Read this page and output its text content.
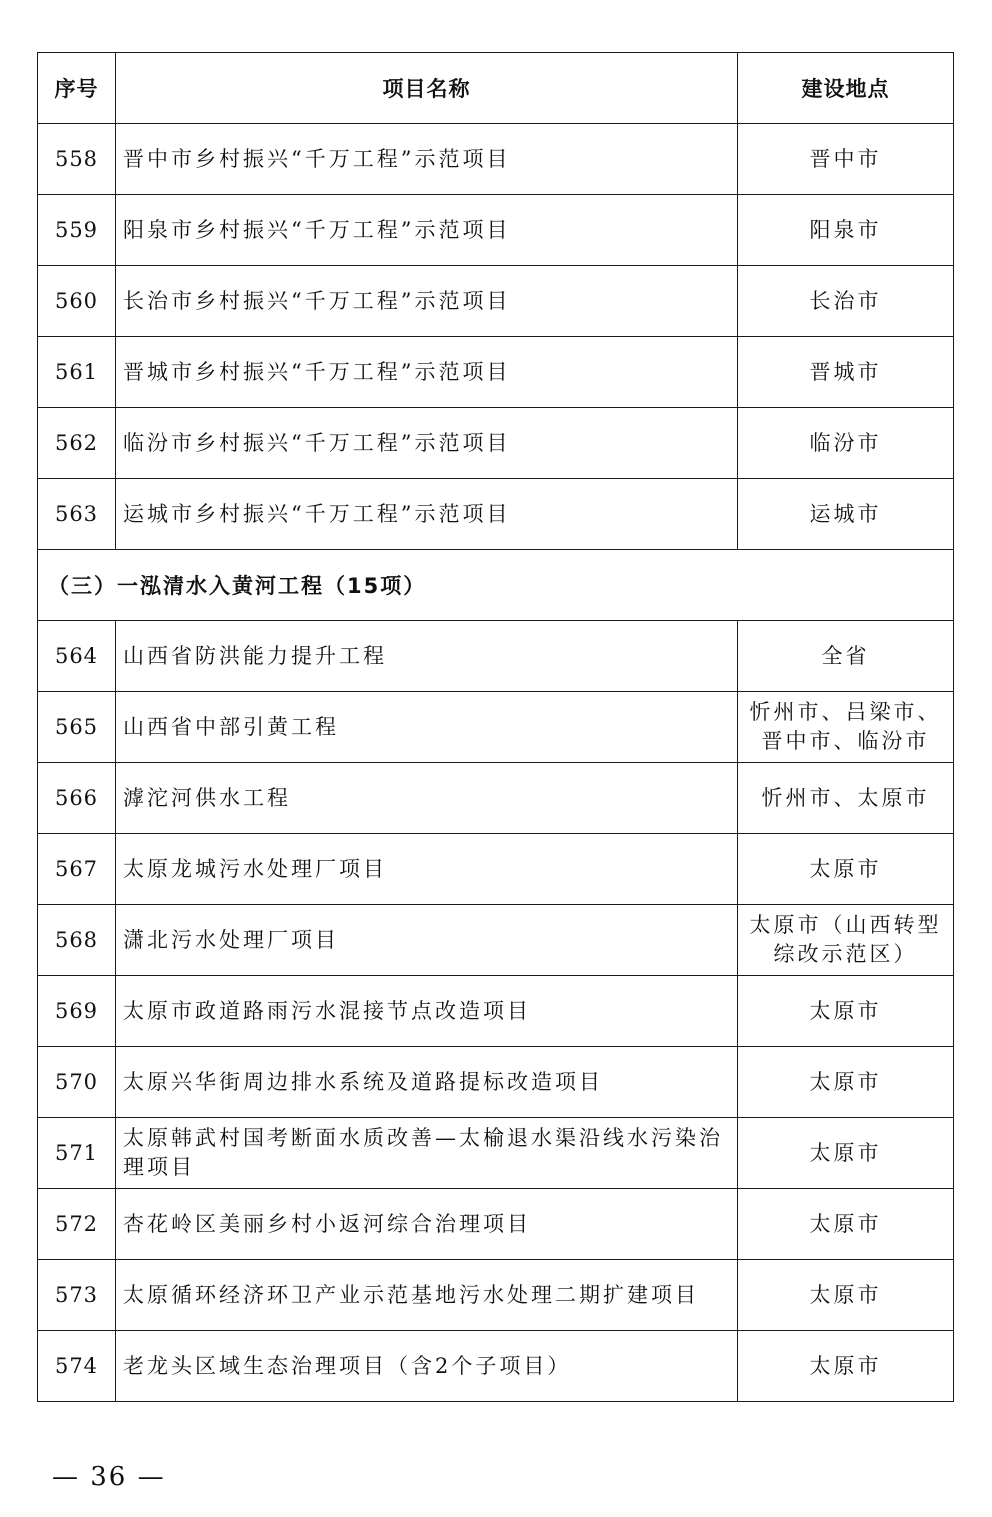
序号	项目名称	建设地点
558	晋中市乡村振兴“千万工程”示范项目	晋中市
559	阳泉市乡村振兴“千万工程”示范项目	阳泉市
560	长治市乡村振兴“千万工程”示范项目	长治市
561	晋城市乡村振兴“千万工程”示范项目	晋城市
562	临汾市乡村振兴“千万工程”示范项目	临汾市
563	运城市乡村振兴“千万工程”示范项目	运城市
（三）一泓清水入黄河工程（15项）		
564	山西省防洪能力提升工程	全省
565	山西省中部引黄工程	忻州市、吕梁市、晋中市、临汾市
566	滹沱河供水工程	忻州市、太原市
567	太原龙城污水处理厂项目	太原市
568	潇北污水处理厂项目	太原市（山西转型综改示范区）
569	太原市政道路雨污水混接节点改造项目	太原市
570	太原兴华街周边排水系统及道路提标改造项目	太原市
571	太原韩武村国考断面水质改善—太榆退水渠沿线水污染治理项目	太原市
572	杏花岭区美丽乡村小返河综合治理项目	太原市
573	太原循环经济环卫产业示范基地污水处理二期扩建项目	太原市
574	老龙头区域生态治理项目（含2个子项目）	太原市
— 36 —
